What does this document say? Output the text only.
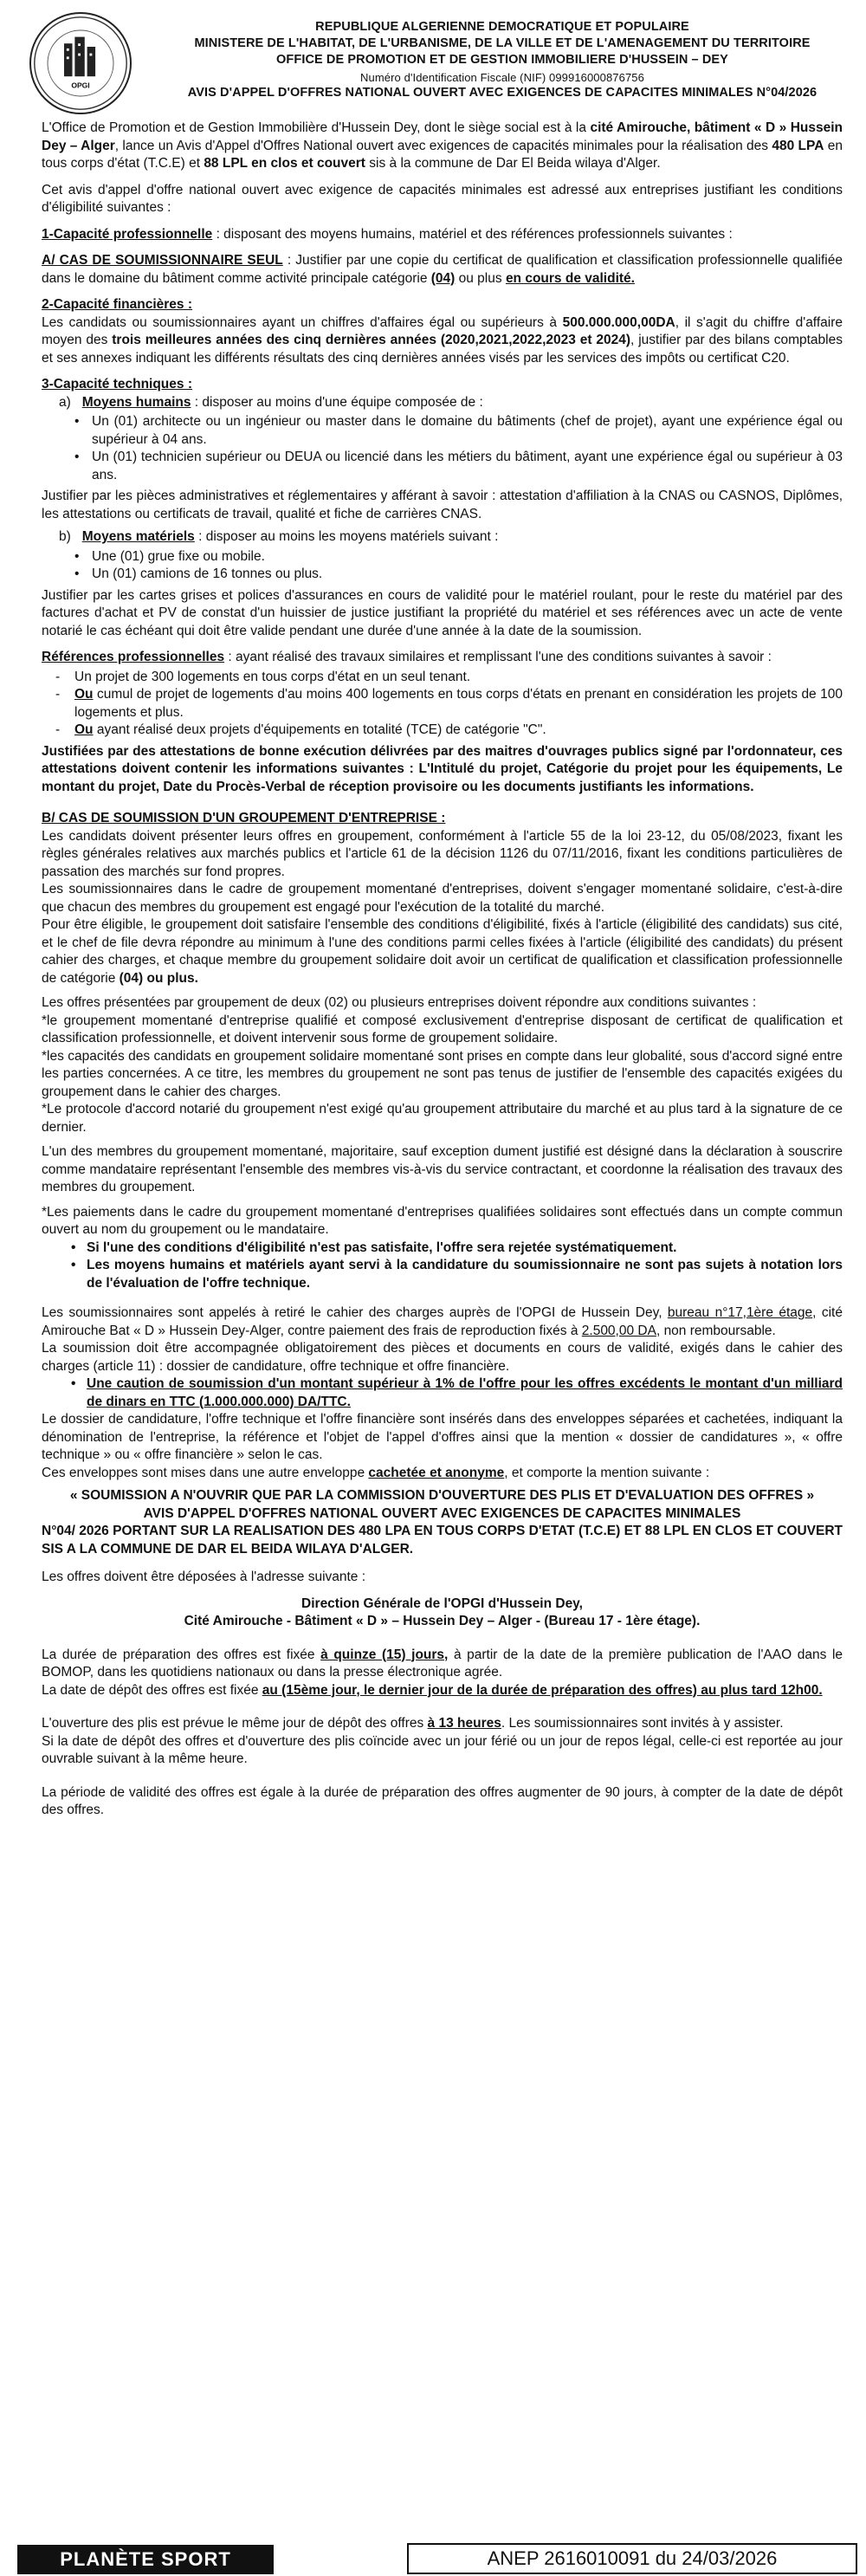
OPGI
REPUBLIQUE ALGERIENNE DEMOCRATIQUE ET POPULAIRE
MINISTERE DE L'HABITAT, DE L'URBANISME, DE LA VILLE ET DE L'AMENAGEMENT DU TERRITOIRE
OFFICE DE PROMOTION ET DE GESTION IMMOBILIERE D'HUSSEIN – DEY
Numéro d'Identification Fiscale (NIF) 099916000876756
AVIS D'APPEL D'OFFRES NATIONAL OUVERT AVEC EXIGENCES DE CAPACITES MINIMALES N°04/2026

L'Office de Promotion et de Gestion Immobilière d'Hussein Dey, dont le siège social est à la cité Amirouche, bâtiment « D » Hussein Dey – Alger, lance un Avis d'Appel d'Offres National ouvert avec exigences de capacités minimales pour la réalisation des 480 LPA en tous corps d'état (T.C.E) et 88 LPL en clos et couvert sis à la commune de Dar El Beida wilaya d'Alger.

Cet avis d'appel d'offre national ouvert avec exigence de capacités minimales est adressé aux entreprises justifiant les conditions d'éligibilité suivantes :

1-Capacité professionnelle : disposant des moyens humains, matériel et des références professionnels suivantes :

A/ CAS DE SOUMISSIONNAIRE SEUL : Justifier par une copie du certificat de qualification et classification professionnelle qualifiée dans le domaine du bâtiment comme activité principale catégorie (04) ou plus en cours de validité.

2-Capacité financières :
Les candidats ou soumissionnaires ayant un chiffres d'affaires égal ou supérieurs à 500.000.000,00DA, il s'agit du chiffre d'affaire moyen des trois meilleures années des cinq dernières années (2020,2021,2022,2023 et 2024), justifier par des bilans comptables et ses annexes indiquant les différents résultats des cinq dernières années visés par les services des impôts ou certificat C20.
3-Capacité techniques :
a) Moyens humains : disposer au moins d'une équipe composée de :
• Un (01) architecte ou un ingénieur ou master dans le domaine du bâtiments (chef de projet), ayant une expérience égal ou supérieur à 04 ans.
• Un (01) technicien supérieur ou DEUA ou licencié dans les métiers du bâtiment, ayant une expérience égal ou supérieur à 03 ans.
Justifier par les pièces administratives et réglementaires y afférant à savoir : attestation d'affiliation à la CNAS ou CASNOS, Diplômes, les attestations ou certificats de travail, qualité et fiche de carrières CNAS.
b) Moyens matériels : disposer au moins les moyens matériels suivant :
• Une (01) grue fixe ou mobile.
• Un (01) camions de 16 tonnes ou plus.
Justifier par les cartes grises et polices d'assurances en cours de validité pour le matériel roulant, pour le reste du matériel par des factures d'achat et PV de constat d'un huissier de justice justifiant la propriété du matériel et ses références avec un acte de vente notarié le cas échéant qui doit être valide pendant une durée d'une année à la date de la soumission.
Références professionnelles : ayant réalisé des travaux similaires et remplissant l'une des conditions suivantes à savoir :
- Un projet de 300 logements en tous corps d'état en un seul tenant.
- Ou cumul de projet de logements d'au moins 400 logements en tous corps d'états en prenant en considération les projets de 100 logements et plus.
- Ou ayant réalisé deux projets d'équipements en totalité (TCE) de catégorie "C".
Justifiées par des attestations de bonne exécution délivrées par des maitres d'ouvrages publics signé par l'ordonnateur, ces attestations doivent contenir les informations suivantes : L'Intitulé du projet, Catégorie du projet pour les équipements, Le montant du projet, Date du Procès-Verbal de réception provisoire ou les documents justifiants les informations.
B/ CAS DE SOUMISSION D'UN GROUPEMENT D'ENTREPRISE :
Les candidats doivent présenter leurs offres en groupement, conformément à l'article 55 de la loi 23-12, du 05/08/2023, fixant les règles générales relatives aux marchés publics et l'article 61 de la décision 1126 du 07/11/2016, fixant les conditions particulières de passation des marchés sur fond propres.
Les soumissionnaires dans le cadre de groupement momentané d'entreprises, doivent s'engager momentané solidaire, c'est-à-dire que chacun des membres du groupement est engagé pour l'exécution de la totalité du marché.
Pour être éligible, le groupement doit satisfaire l'ensemble des conditions d'éligibilité, fixés à l'article (éligibilité des candidats) sus cité, et le chef de file devra répondre au minimum à l'une des conditions parmi celles fixées à l'article (éligibilité des candidats) du présent cahier des charges, et chaque membre du groupement solidaire doit avoir un certificat de qualification et classification professionnelle de catégorie (04) ou plus.
Les offres présentées par groupement de deux (02) ou plusieurs entreprises doivent répondre aux conditions suivantes :
*le groupement momentané d'entreprise qualifié et composé exclusivement d'entreprise disposant de certificat de qualification et classification professionnelle, et doivent intervenir sous forme de groupement solidaire.
*les capacités des candidats en groupement solidaire momentané sont prises en compte dans leur globalité, sous d'accord signé entre les parties concernées. A ce titre, les membres du groupement ne sont pas tenus de justifier de l'ensemble des capacités exigées du groupement dans le cahier des charges.
*Le protocole d'accord notarié du groupement n'est exigé qu'au groupement attributaire du marché et au plus tard à la signature de ce dernier.
L'un des membres du groupement momentané, majoritaire, sauf exception dument justifié est désigné dans la déclaration à souscrire comme mandataire représentant l'ensemble des membres vis-à-vis du service contractant, et coordonne la réalisation des travaux des membres du groupement.
*Les paiements dans le cadre du groupement momentané d'entreprises qualifiées solidaires sont effectués dans un compte commun ouvert au nom du groupement ou le mandataire.
• Si l'une des conditions d'éligibilité n'est pas satisfaite, l'offre sera rejetée systématiquement.
• Les moyens humains et matériels ayant servi à la candidature du soumissionnaire ne sont pas sujets à notation lors de l'évaluation de l'offre technique.
Les soumissionnaires sont appelés à retiré le cahier des charges auprès de l'OPGI de Hussein Dey, bureau n°17,1ère étage, cité Amirouche Bat « D » Hussein Dey-Alger, contre paiement des frais de reproduction fixés à 2.500,00 DA, non remboursable.
La soumission doit être accompagnée obligatoirement des pièces et documents en cours de validité, exigés dans le cahier des charges (article 11) : dossier de candidature, offre technique et offre financière.
• Une caution de soumission d'un montant supérieur à 1% de l'offre pour les offres excédents le montant d'un milliard de dinars en TTC (1.000.000.000) DA/TTC.
Le dossier de candidature, l'offre technique et l'offre financière sont insérés dans des enveloppes séparées et cachetées, indiquant la dénomination de l'entreprise, la référence et l'objet de l'appel d'offres ainsi que la mention « dossier de candidatures », « offre technique » ou « offre financière » selon le cas.
Ces enveloppes sont mises dans une autre enveloppe cachetée et anonyme, et comporte la mention suivante :
« SOUMISSION A N'OUVRIR QUE PAR LA COMMISSION D'OUVERTURE DES PLIS ET D'EVALUATION DES OFFRES »
AVIS D'APPEL D'OFFRES NATIONAL OUVERT AVEC EXIGENCES DE CAPACITES MINIMALES
N°04/ 2026 PORTANT SUR LA REALISATION DES 480 LPA EN TOUS CORPS D'ETAT (T.C.E) ET 88 LPL EN CLOS ET COUVERT SIS A LA COMMUNE DE DAR EL BEIDA WILAYA D'ALGER.
Les offres doivent être déposées à l'adresse suivante :
Direction Générale de l'OPGI d'Hussein Dey,
Cité Amirouche - Bâtiment « D » – Hussein Dey – Alger - (Bureau 17 - 1ère étage).
La durée de préparation des offres est fixée à quinze (15) jours, à partir de la date de la première publication de l'AAO dans le BOMOP, dans les quotidiens nationaux ou dans la presse électronique agrée.
La date de dépôt des offres est fixée au (15ème jour, le dernier jour de la durée de préparation des offres) au plus tard 12h00.
L'ouverture des plis est prévue le même jour de dépôt des offres à 13 heures. Les soumissionnaires sont invités à y assister.
Si la date de dépôt des offres et d'ouverture des plis coïncide avec un jour férié ou un jour de repos légal, celle-ci est reportée au jour ouvrable suivant à la même heure.
La période de validité des offres est égale à la durée de préparation des offres augmenter de 90 jours, à compter de la date de dépôt des offres.
PLANÈTE SPORT	ANEP 2616010091 du 24/03/2026
